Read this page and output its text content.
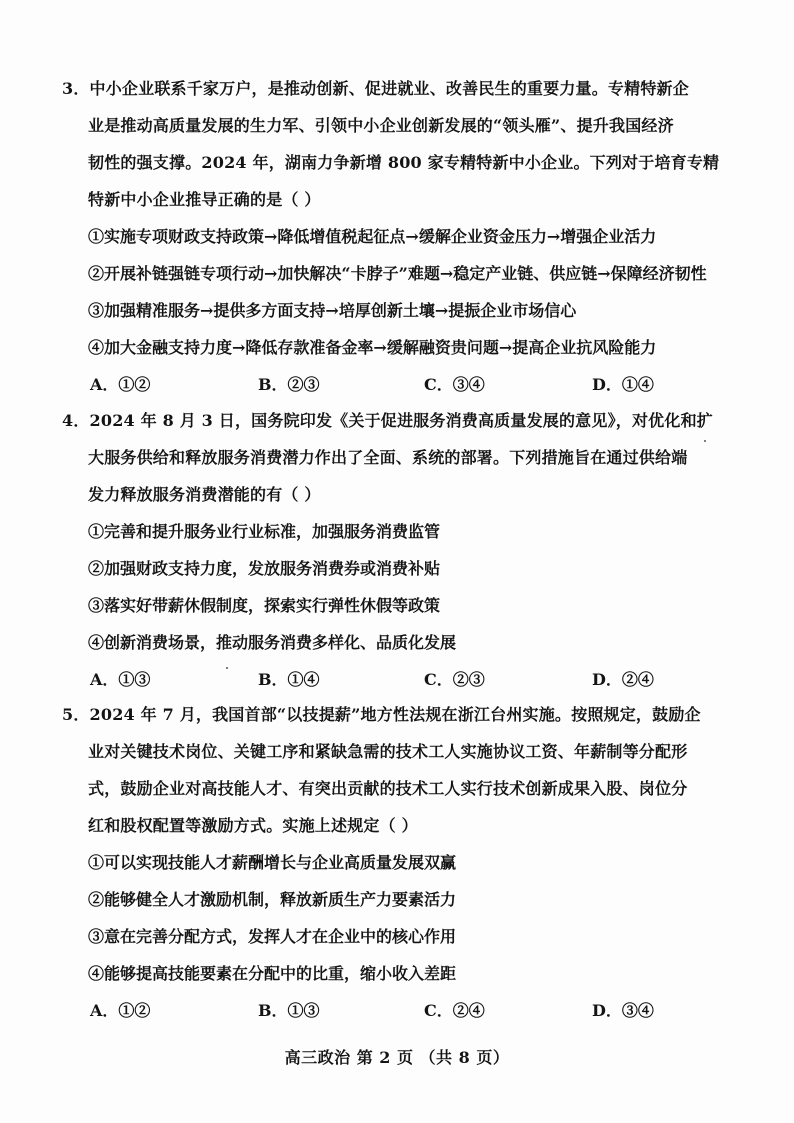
3．中小企业联系千家万户，是推动创新、促进就业、改善民生的重要力量。专精特新企
业是推动高质量发展的生力军、引领中小企业创新发展的“领头雁”、提升我国经济
韧性的强支撑。2024 年，湖南力争新增 800 家专精特新中小企业。下列对于培育专精
特新中小企业推导正确的是（ ）
①实施专项财政支持政策→降低增值税起征点→缓解企业资金压力→增强企业活力
②开展补链强链专项行动→加快解决“卡脖子”难题→稳定产业链、供应链→保障经济韧性
③加强精准服务→提供多方面支持→培厚创新土壤→提振企业市场信心
④加大金融支持力度→降低存款准备金率→缓解融资贵问题→提高企业抗风险能力
A．①②	B．②③	C．③④	D．①④
4．2024 年 8 月 3 日，国务院印发《关于促进服务消费高质量发展的意见》，对优化和扩
大服务供给和释放服务消费潜力作出了全面、系统的部署。下列措施旨在通过供给端
发力释放服务消费潜能的有（ ）
①完善和提升服务业行业标准，加强服务消费监管
②加强财政支持力度，发放服务消费券或消费补贴
③落实好带薪休假制度，探索实行弹性休假等政策
④创新消费场景，推动服务消费多样化、品质化发展
A．①③	B．①④	C．②③	D．②④
5．2024 年 7 月，我国首部“以技提薪”地方性法规在浙江台州实施。按照规定，鼓励企
业对关键技术岗位、关键工序和紧缺急需的技术工人实施协议工资、年薪制等分配形
式，鼓励企业对高技能人才、有突出贡献的技术工人实行技术创新成果入股、岗位分
红和股权配置等激励方式。实施上述规定（ ）
①可以实现技能人才薪酬增长与企业高质量发展双赢
②能够健全人才激励机制，释放新质生产力要素活力
③意在完善分配方式，发挥人才在企业中的核心作用
④能够提高技能要素在分配中的比重，缩小收入差距
A．①②	B．①③	C．②④	D．③④
高三政治 第 2 页 （共 8 页）
